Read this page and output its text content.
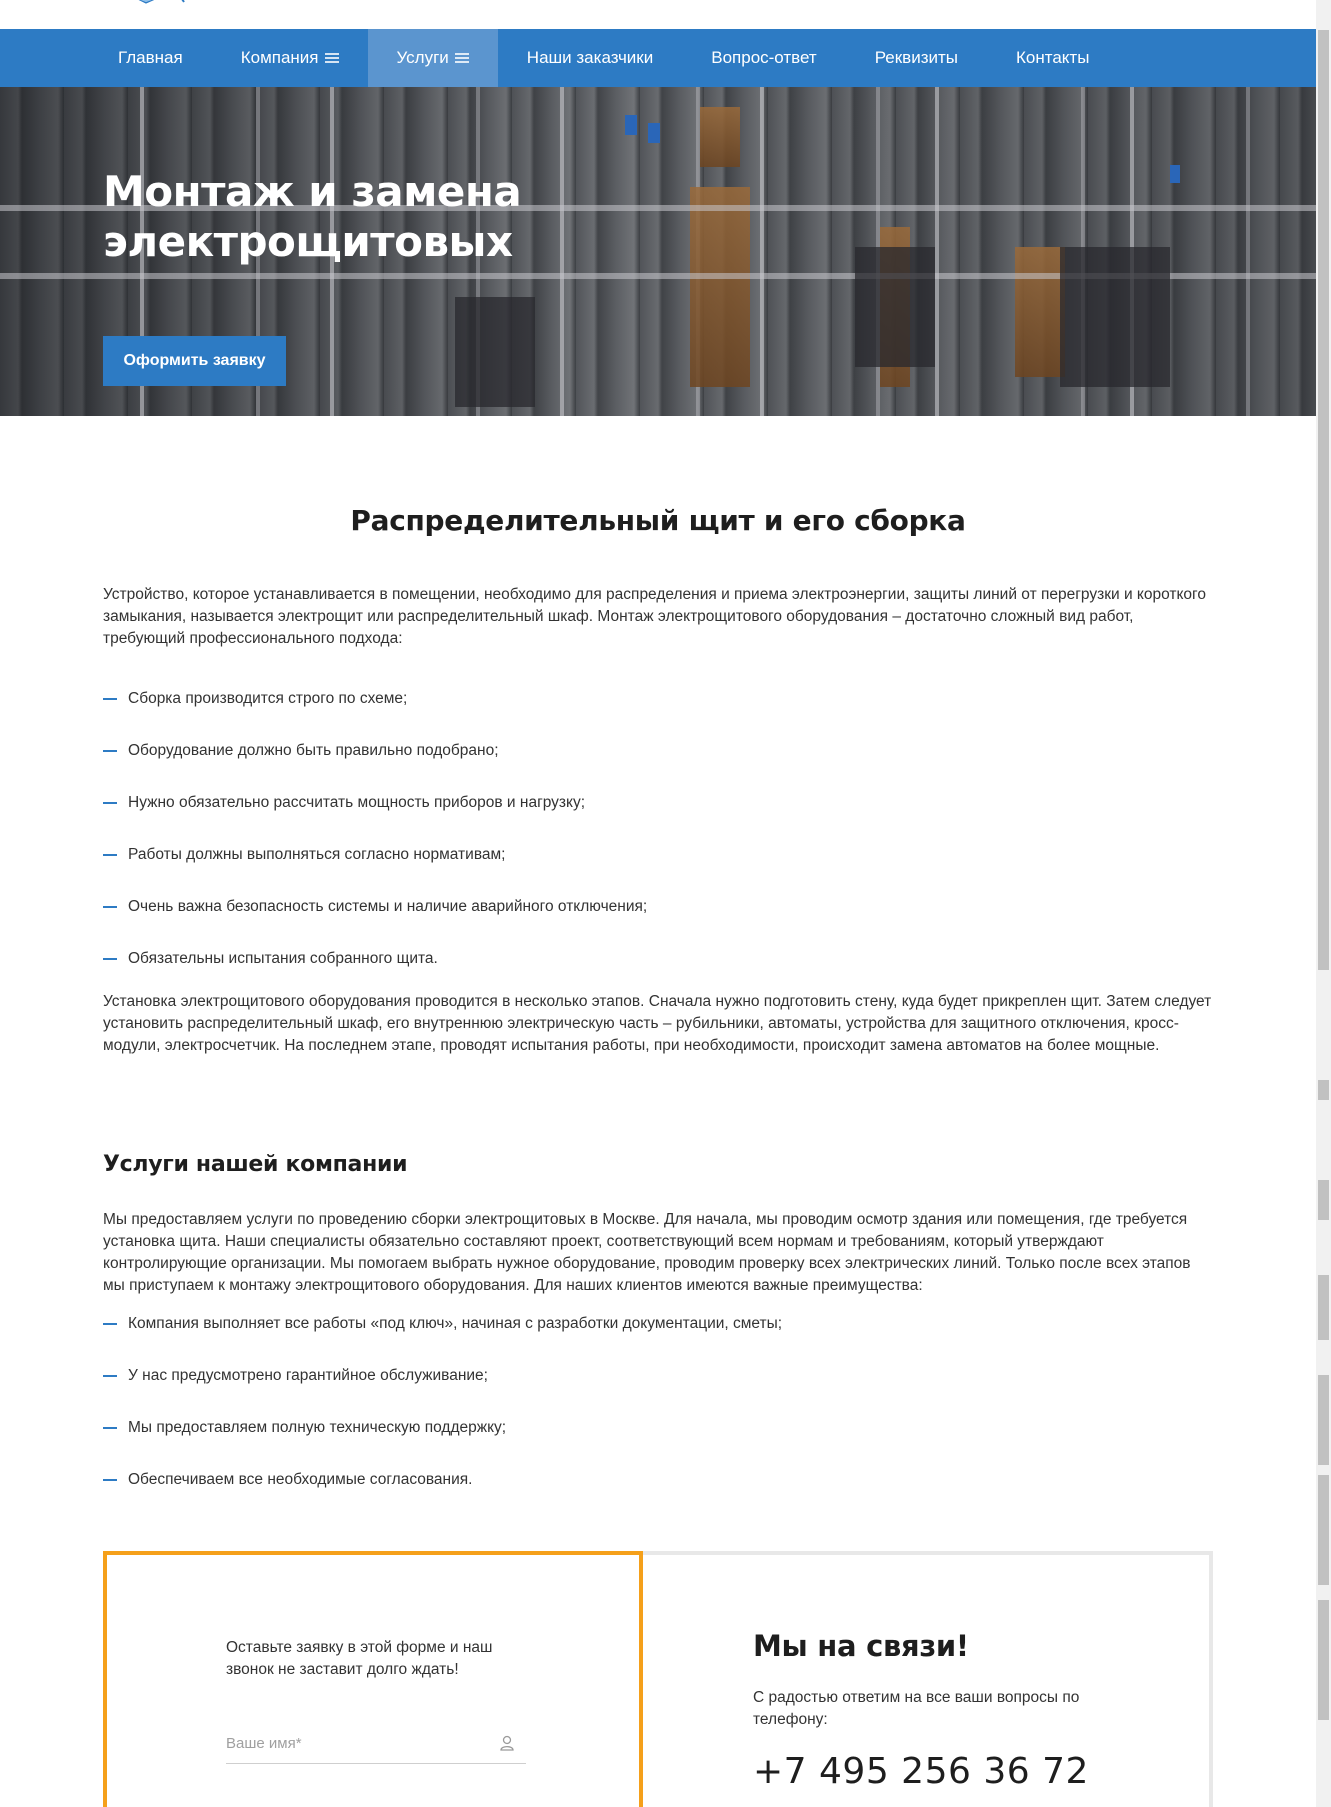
Главная	Компания	Услуги	Наши заказчики	Вопрос-ответ	Реквизиты	Контакты
Монтаж и замена
электрощитовых
Оформить заявку
Распределительный щит и его сборка

Устройство, которое устанавливается в помещении, необходимо для распределения и приема электроэнергии, защиты линий от перегрузки и короткого замыкания, называется электрощит или распределительный шкаф. Монтаж электрощитового оборудования – достаточно сложный вид работ, требующий профессионального подхода:

Сборка производится строго по схеме;
Оборудование должно быть правильно подобрано;
Нужно обязательно рассчитать мощность приборов и нагрузку;
Работы должны выполняться согласно нормативам;
Очень важна безопасность системы и наличие аварийного отключения;
Обязательны испытания собранного щита.

Установка электрощитового оборудования проводится в несколько этапов. Сначала нужно подготовить стену, куда будет прикреплен щит. Затем следует установить распределительный шкаф, его внутреннюю электрическую часть – рубильники, автоматы, устройства для защитного отключения, кросс-модули, электросчетчик. На последнем этапе, проводят испытания работы, при необходимости, происходит замена автоматов на более мощные.

Услуги нашей компании

Мы предоставляем услуги по проведению сборки электрощитовых в Москве. Для начала, мы проводим осмотр здания или помещения, где требуется установка щита. Наши специалисты обязательно составляют проект, соответствующий всем нормам и требованиям, который утверждают контролирующие организации. Мы помогаем выбрать нужное оборудование, проводим проверку всех электрических линий. Только после всех этапов мы приступаем к монтажу электрощитового оборудования. Для наших клиентов имеются важные преимущества:

Компания выполняет все работы «под ключ», начиная с разработки документации, сметы;
У нас предусмотрено гарантийное обслуживание;
Мы предоставляем полную техническую поддержку;
Обеспечиваем все необходимые согласования.

Оставьте заявку в этой форме и наш звонок не заставит долго ждать!

Ваше имя*
Мы на связи!

С радостью ответим на все ваши вопросы по телефону:

+7 495 256 36 72
